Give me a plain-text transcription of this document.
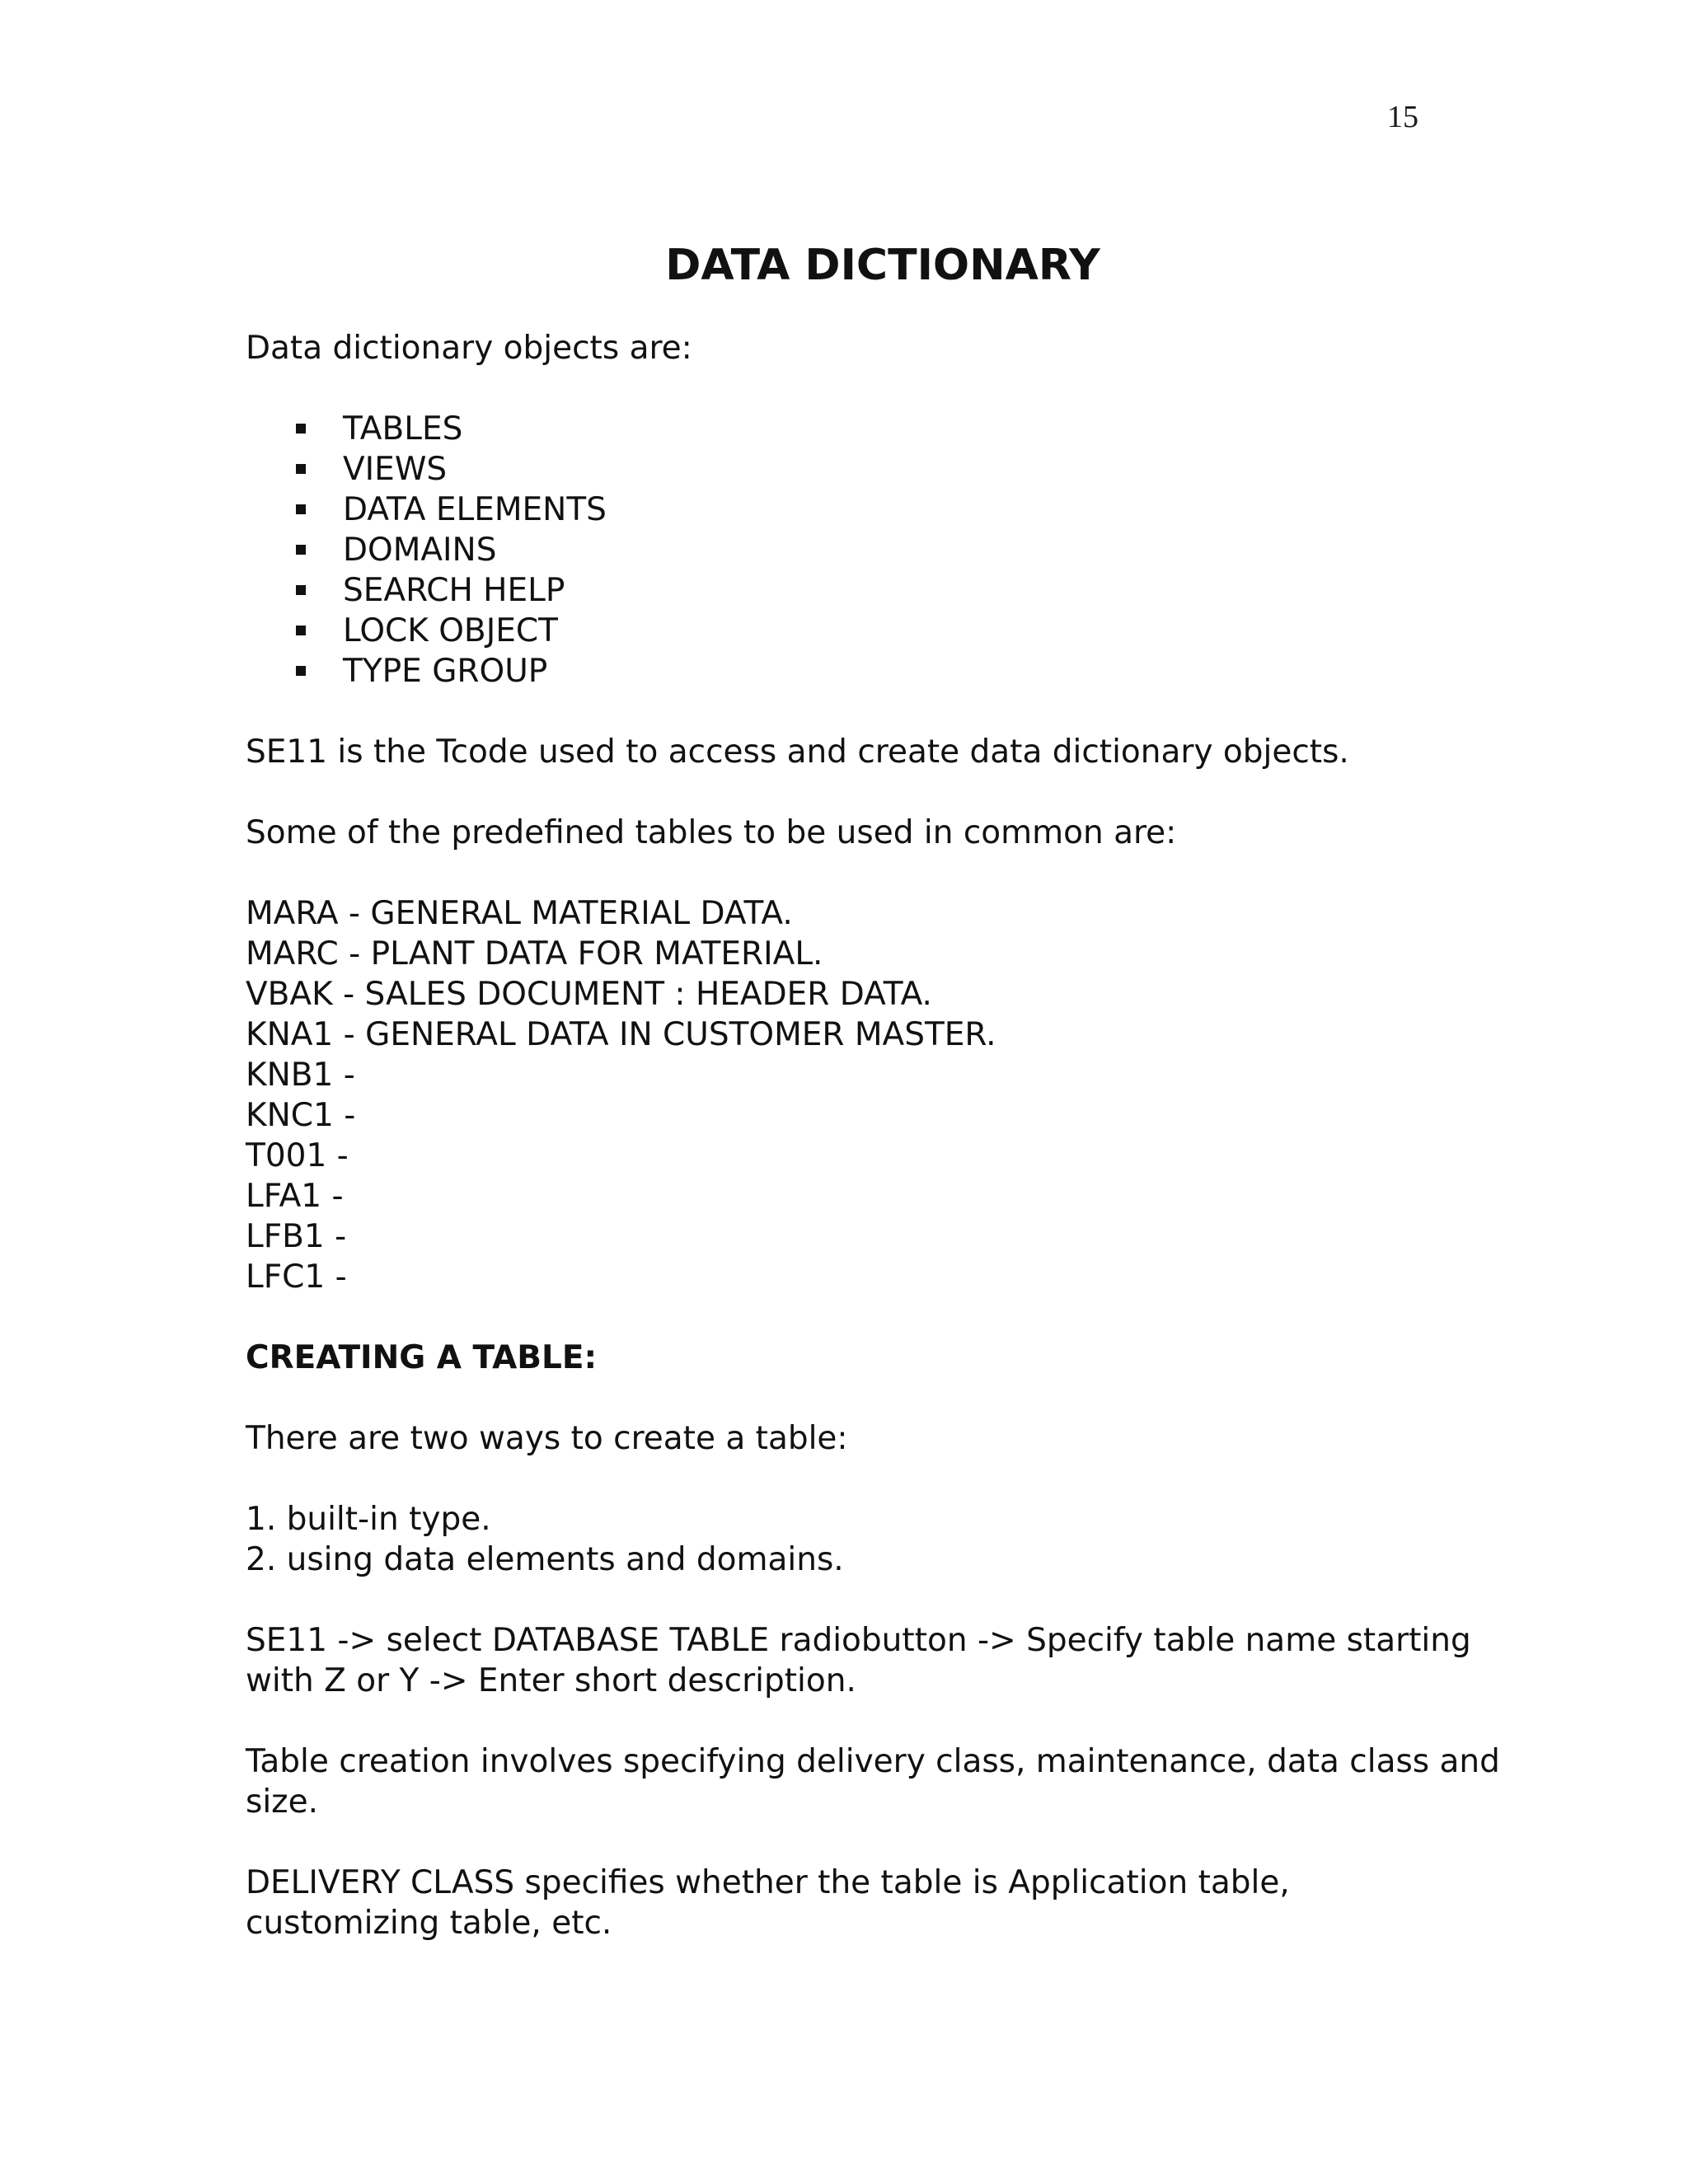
15
DATA DICTIONARY

Data dictionary objects are:

TABLES
VIEWS
DATA ELEMENTS
DOMAINS
SEARCH HELP
LOCK OBJECT
TYPE GROUP

SE11 is the Tcode used to access and create data dictionary objects.

Some of the predefined tables to be used in common are:

MARA - GENERAL MATERIAL DATA.
MARC - PLANT DATA FOR MATERIAL.
VBAK - SALES DOCUMENT : HEADER DATA.
KNA1 - GENERAL DATA IN CUSTOMER MASTER.
KNB1 -
KNC1 -
T001 -
LFA1 -
LFB1 -
LFC1 -

CREATING A TABLE:

There are two ways to create a table:

1. built-in type.
2. using data elements and domains.
SE11 -> select DATABASE TABLE radiobutton -> Specify table name starting
with Z or Y -> Enter short description.
Table creation involves specifying delivery class, maintenance, data class and
size.
DELIVERY CLASS specifies whether the table is Application table,
customizing table, etc.
